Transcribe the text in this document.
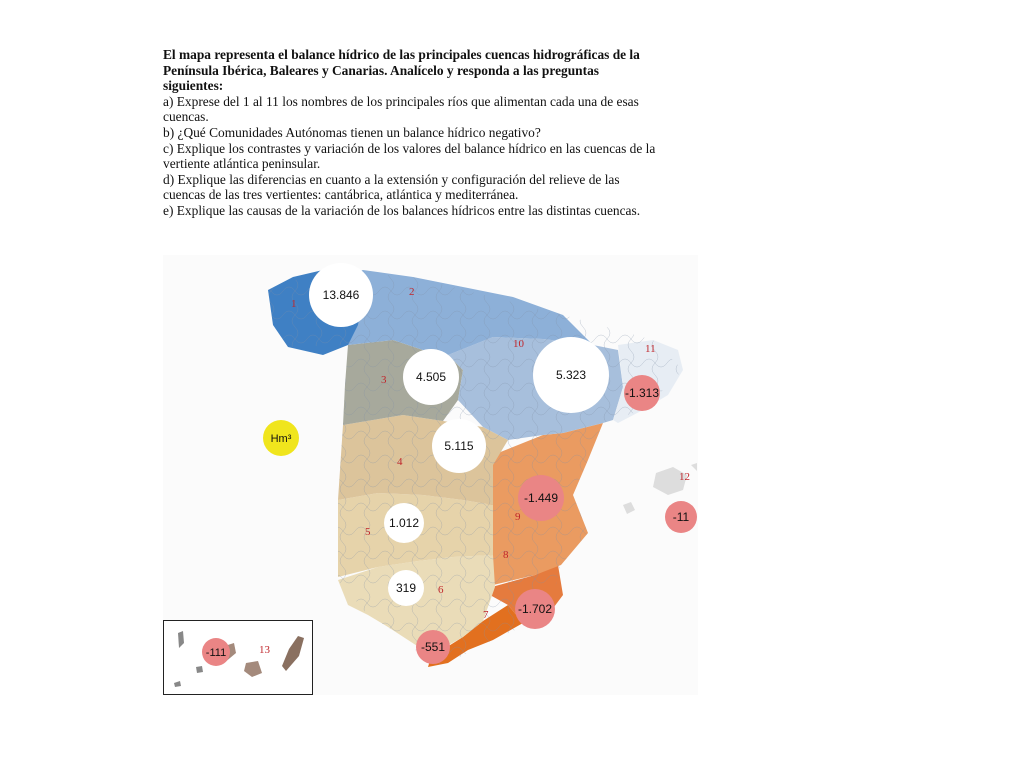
El mapa representa el balance hídrico de las principales cuencas hidrográficas de la

Península Ibérica, Baleares y Canarias. Analícelo y responda a las preguntas

siguientes:

a) Exprese del 1 al 11 los nombres de los principales ríos que alimentan cada una de esas

cuencas.

b) ¿Qué Comunidades Autónomas tienen un balance hídrico negativo?

c) Explique los contrastes y variación de los valores del balance hídrico en las cuencas de la

vertiente atlántica peninsular.

d) Explique las diferencias en cuanto a la extensión y configuración del relieve de las

cuencas de las tres vertientes: cantábrica, atlántica y mediterránea.

e) Explique las causas de la variación de los balances hídricos entre las distintas cuencas.

1
2
3
4
5
6
7
8
9
10	11
12
13.846
4.505	5.323
-1.313
5.115
Hm³
-1.449
-11
1.012
319
-1.702
-551
-111	13
